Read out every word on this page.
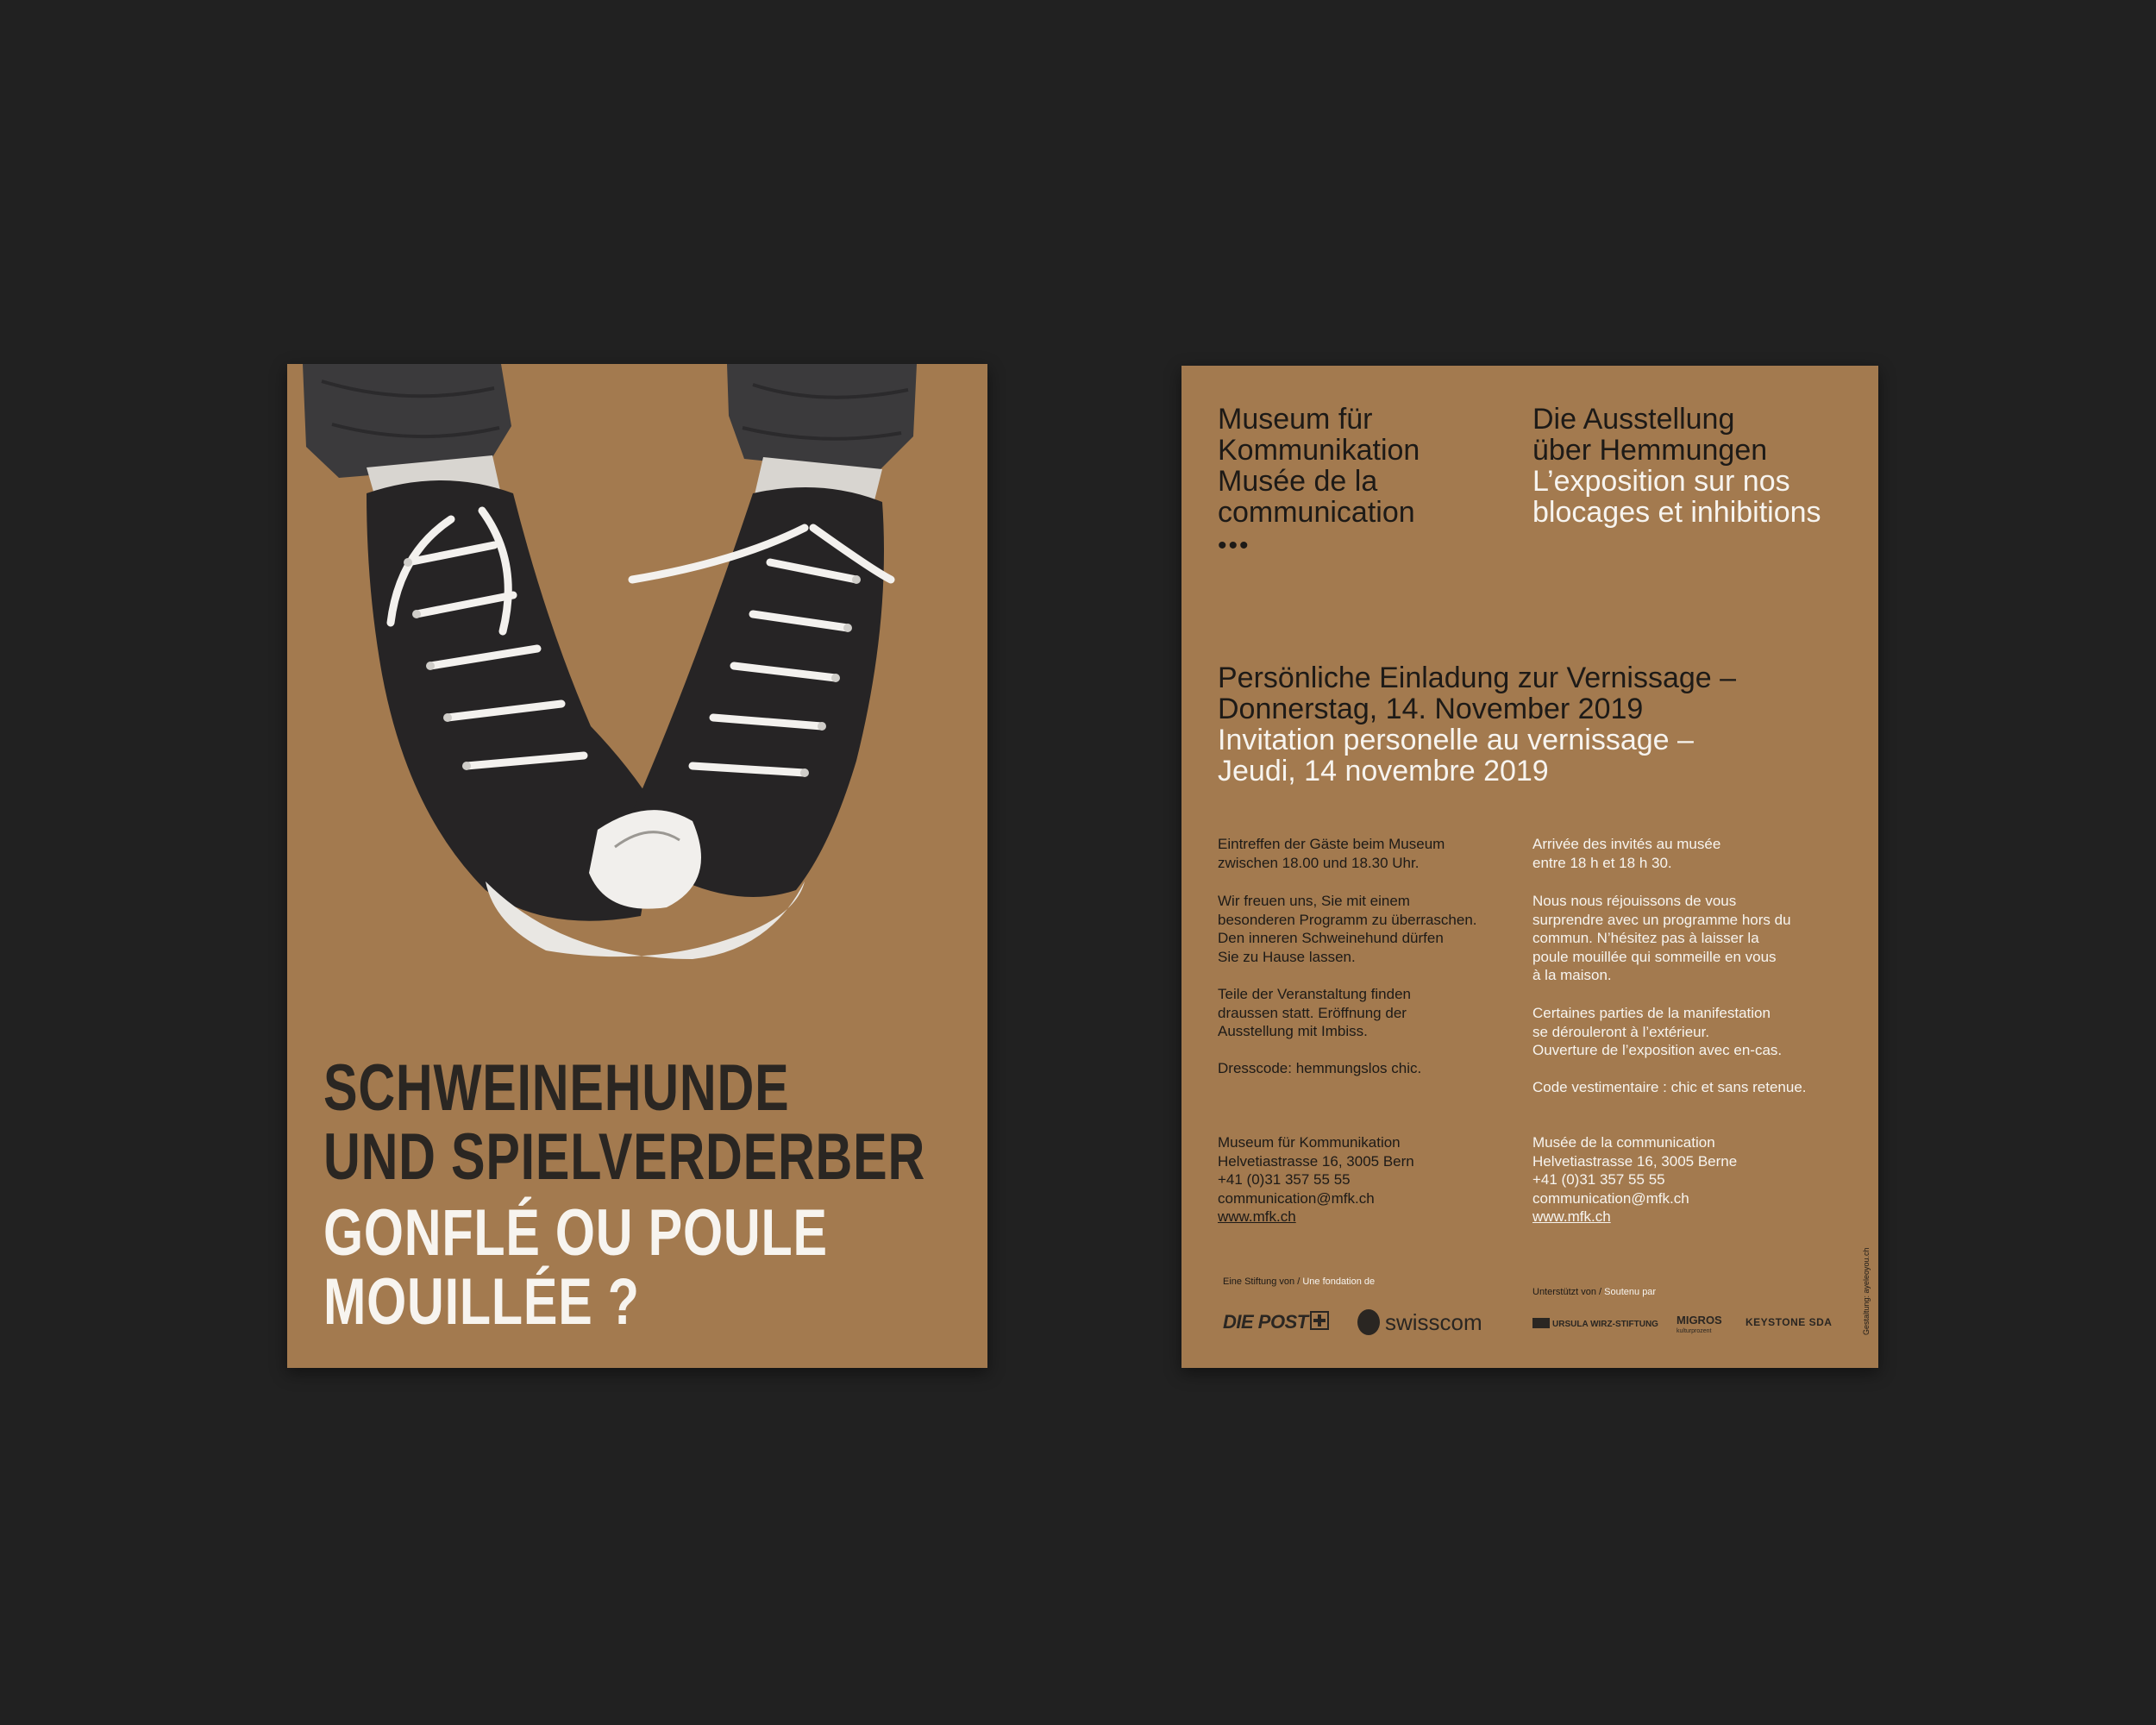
SCHWEINEHUNDE
UND SPIELVERDERBER
GONFLÉ OU POULE
MOUILLÉE ?
Museum für
Kommunikation
Musée de la
communication
•••
Die Ausstellung
über Hemmungen
L’exposition sur nos
blocages et inhibitions
Persönliche Einladung zur Vernissage –
Donnerstag, 14. November 2019
Invitation personelle au vernissage –
Jeudi, 14 novembre 2019
Eintreffen der Gäste beim Museum
zwischen 18.00 und 18.30 Uhr.
Wir freuen uns, Sie mit einem
besonderen Programm zu überraschen.
Den inneren Schweinehund dürfen
Sie zu Hause lassen.
Teile der Veranstaltung finden
draussen statt. Eröffnung der
Ausstellung mit Imbiss.
Dresscode: hemmungslos chic.
Arrivée des invités au musée
entre 18 h et 18 h 30.
Nous nous réjouissons de vous
surprendre avec un programme hors du
commun. N’hésitez pas à laisser la
poule mouillée qui sommeille en vous
à la maison.
Certaines parties de la manifestation
se dérouleront à l’extérieur.
Ouverture de l’exposition avec en-cas.
Code vestimentaire : chic et sans retenue.
Museum für Kommunikation
Helvetiastrasse 16, 3005 Bern
+41 (0)31 357 55 55
communication@mfk.ch
www.mfk.ch
Musée de la communication
Helvetiastrasse 16, 3005 Berne
+41 (0)31 357 55 55
communication@mfk.ch
www.mfk.ch
Eine Stiftung von / Une fondation de
Unterstützt von / Soutenu par
DIE POST	swisscom	URSULA WIRZ-STIFTUNG MIGROS
kulturprozent
KEYSTONE SDA	Gestaltung: ayeleoyou.ch
